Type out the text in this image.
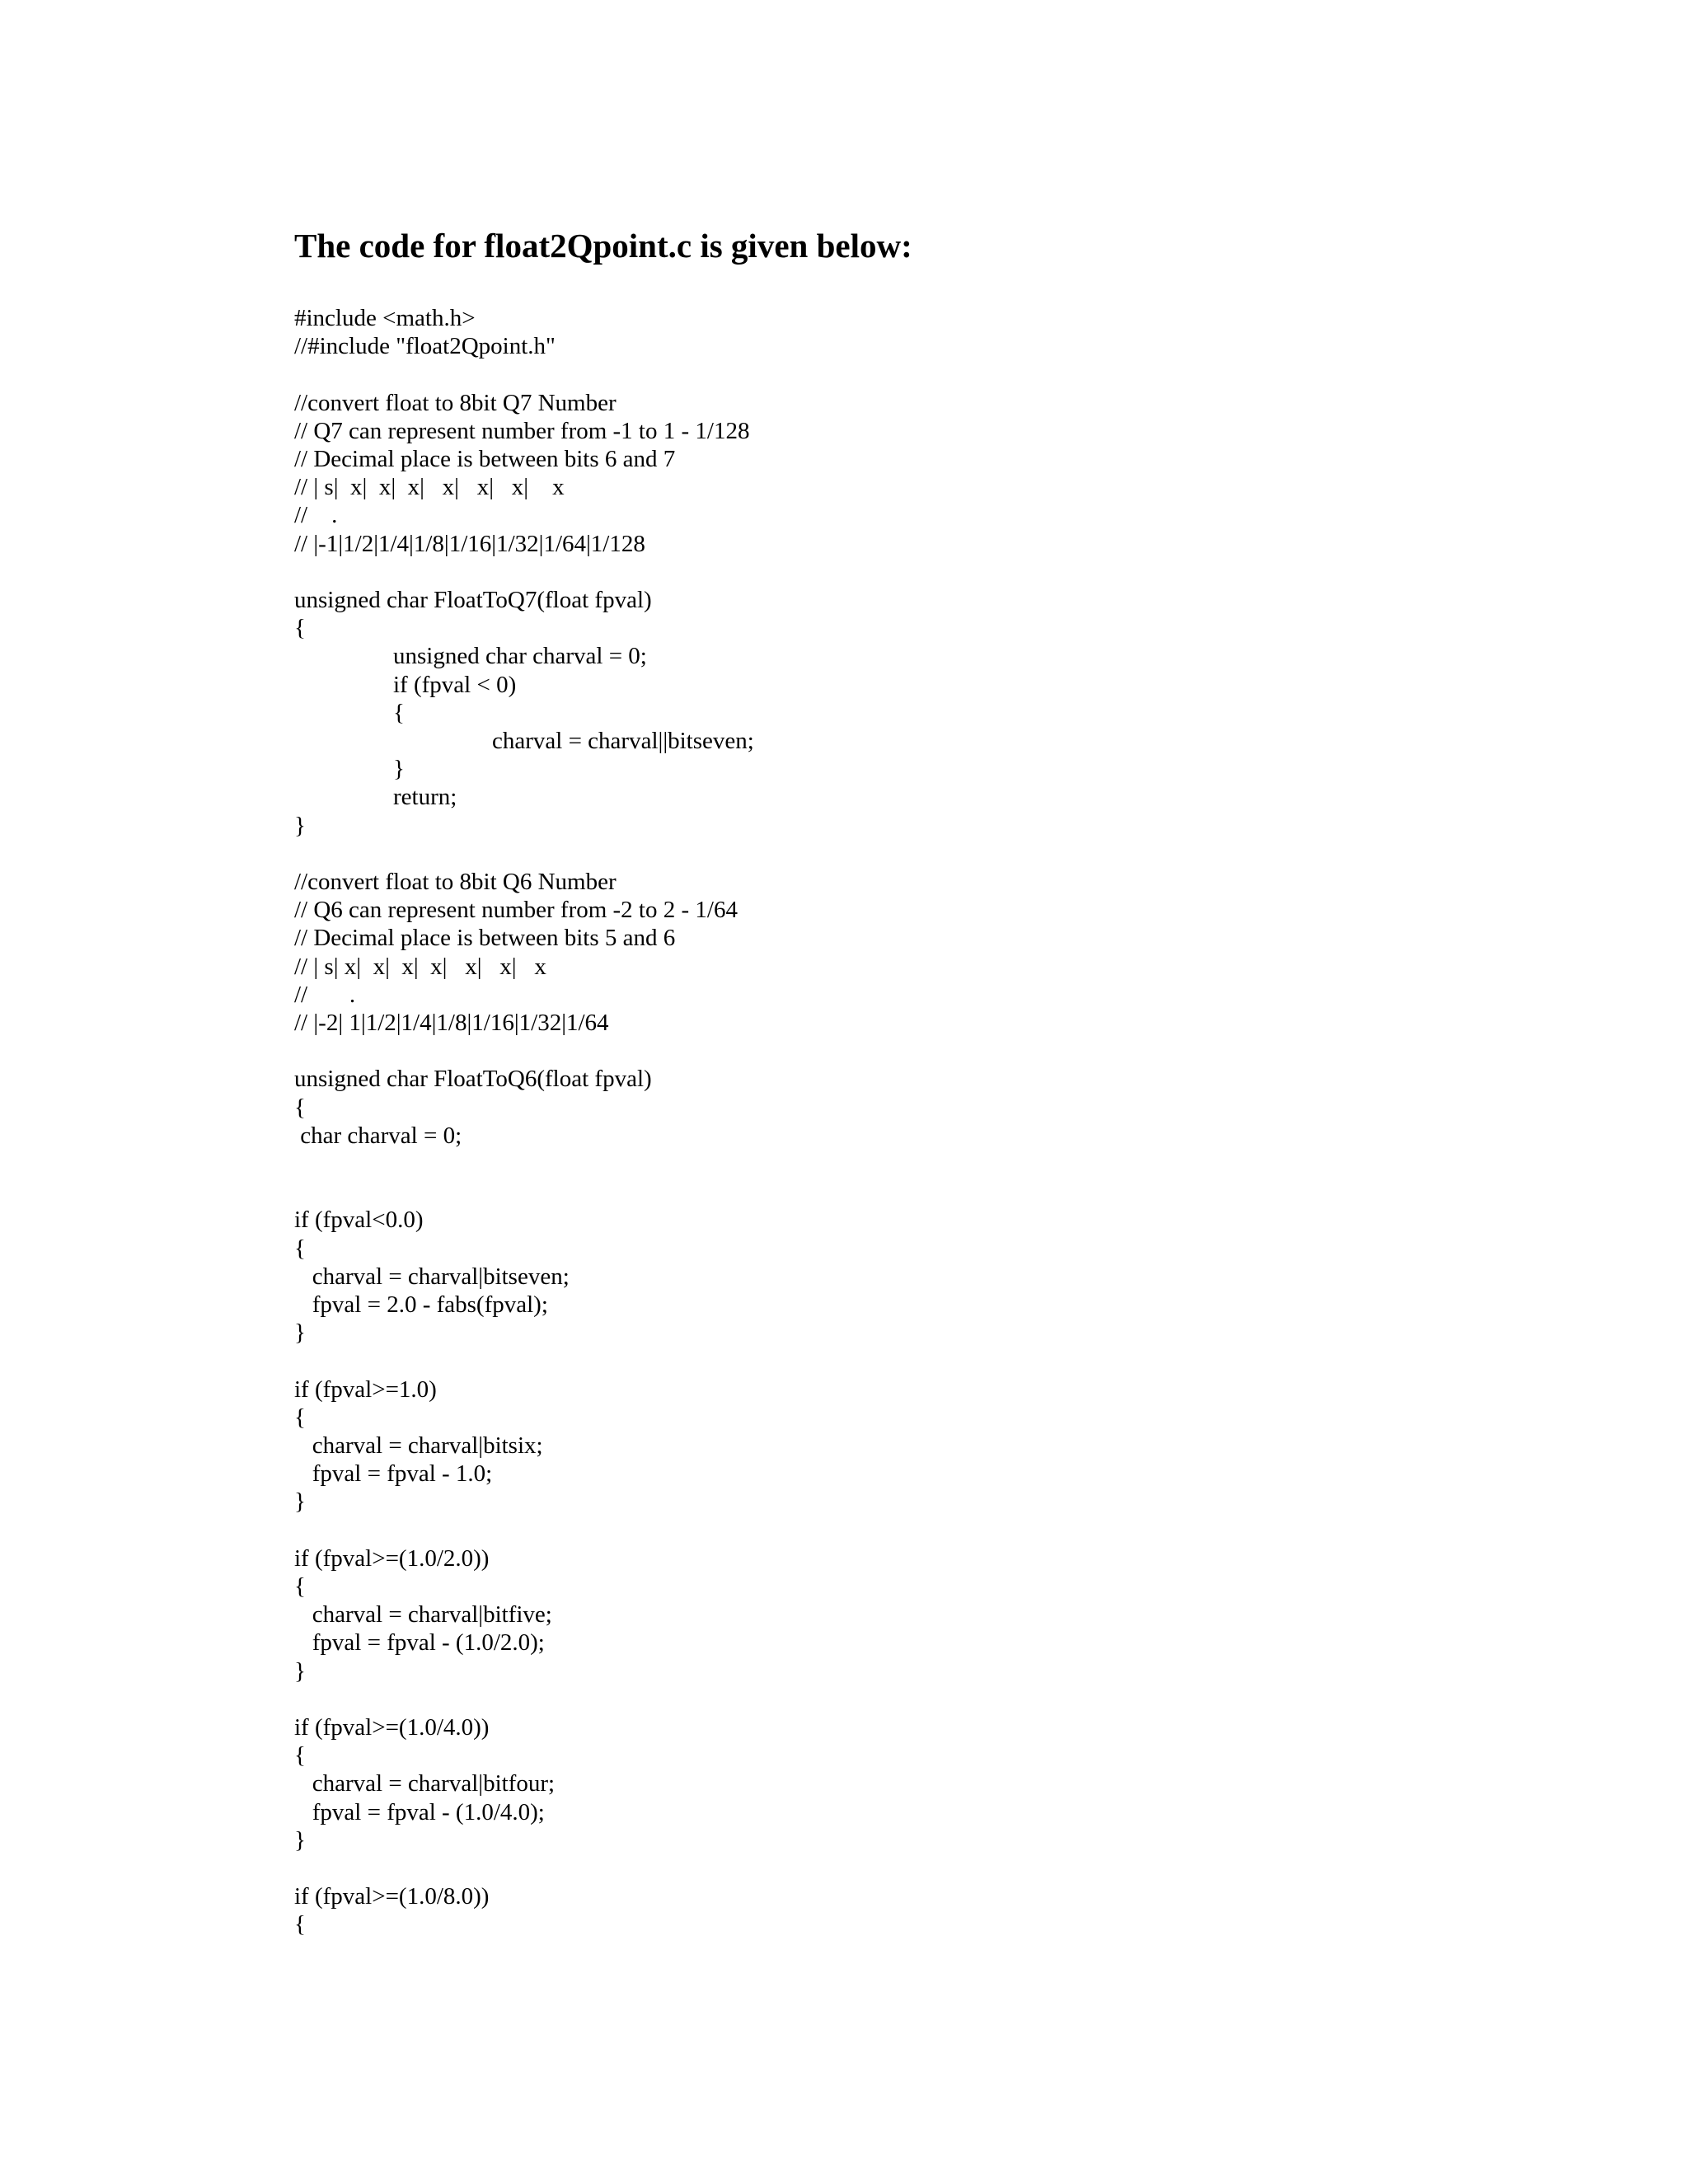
The code for float2Qpoint.c is given below:
#include <math.h>
//#include "float2Qpoint.h"
//convert float to 8bit Q7 Number
// Q7 can represent number from -1 to 1 - 1/128
// Decimal place is between bits 6 and 7
// | s|  x|  x|  x|   x|   x|   x|    x
//    .
// |-1|1/2|1/4|1/8|1/16|1/32|1/64|1/128
unsigned char FloatToQ7(float fpval)
{
unsigned char charval = 0;
if (fpval < 0)
{
charval = charval||bitseven;
}
return;
}
//convert float to 8bit Q6 Number
// Q6 can represent number from -2 to 2 - 1/64
// Decimal place is between bits 5 and 6
// | s| x|  x|  x|  x|   x|   x|   x
//       .
// |-2| 1|1/2|1/4|1/8|1/16|1/32|1/64
unsigned char FloatToQ6(float fpval)
{
char charval = 0;
if (fpval<0.0)
{
charval = charval|bitseven;
fpval = 2.0 - fabs(fpval);
}
if (fpval>=1.0)
{
charval = charval|bitsix;
fpval = fpval - 1.0;
}
if (fpval>=(1.0/2.0))
{
charval = charval|bitfive;
fpval = fpval - (1.0/2.0);
}
if (fpval>=(1.0/4.0))
{
charval = charval|bitfour;
fpval = fpval - (1.0/4.0);
}
if (fpval>=(1.0/8.0))
{
